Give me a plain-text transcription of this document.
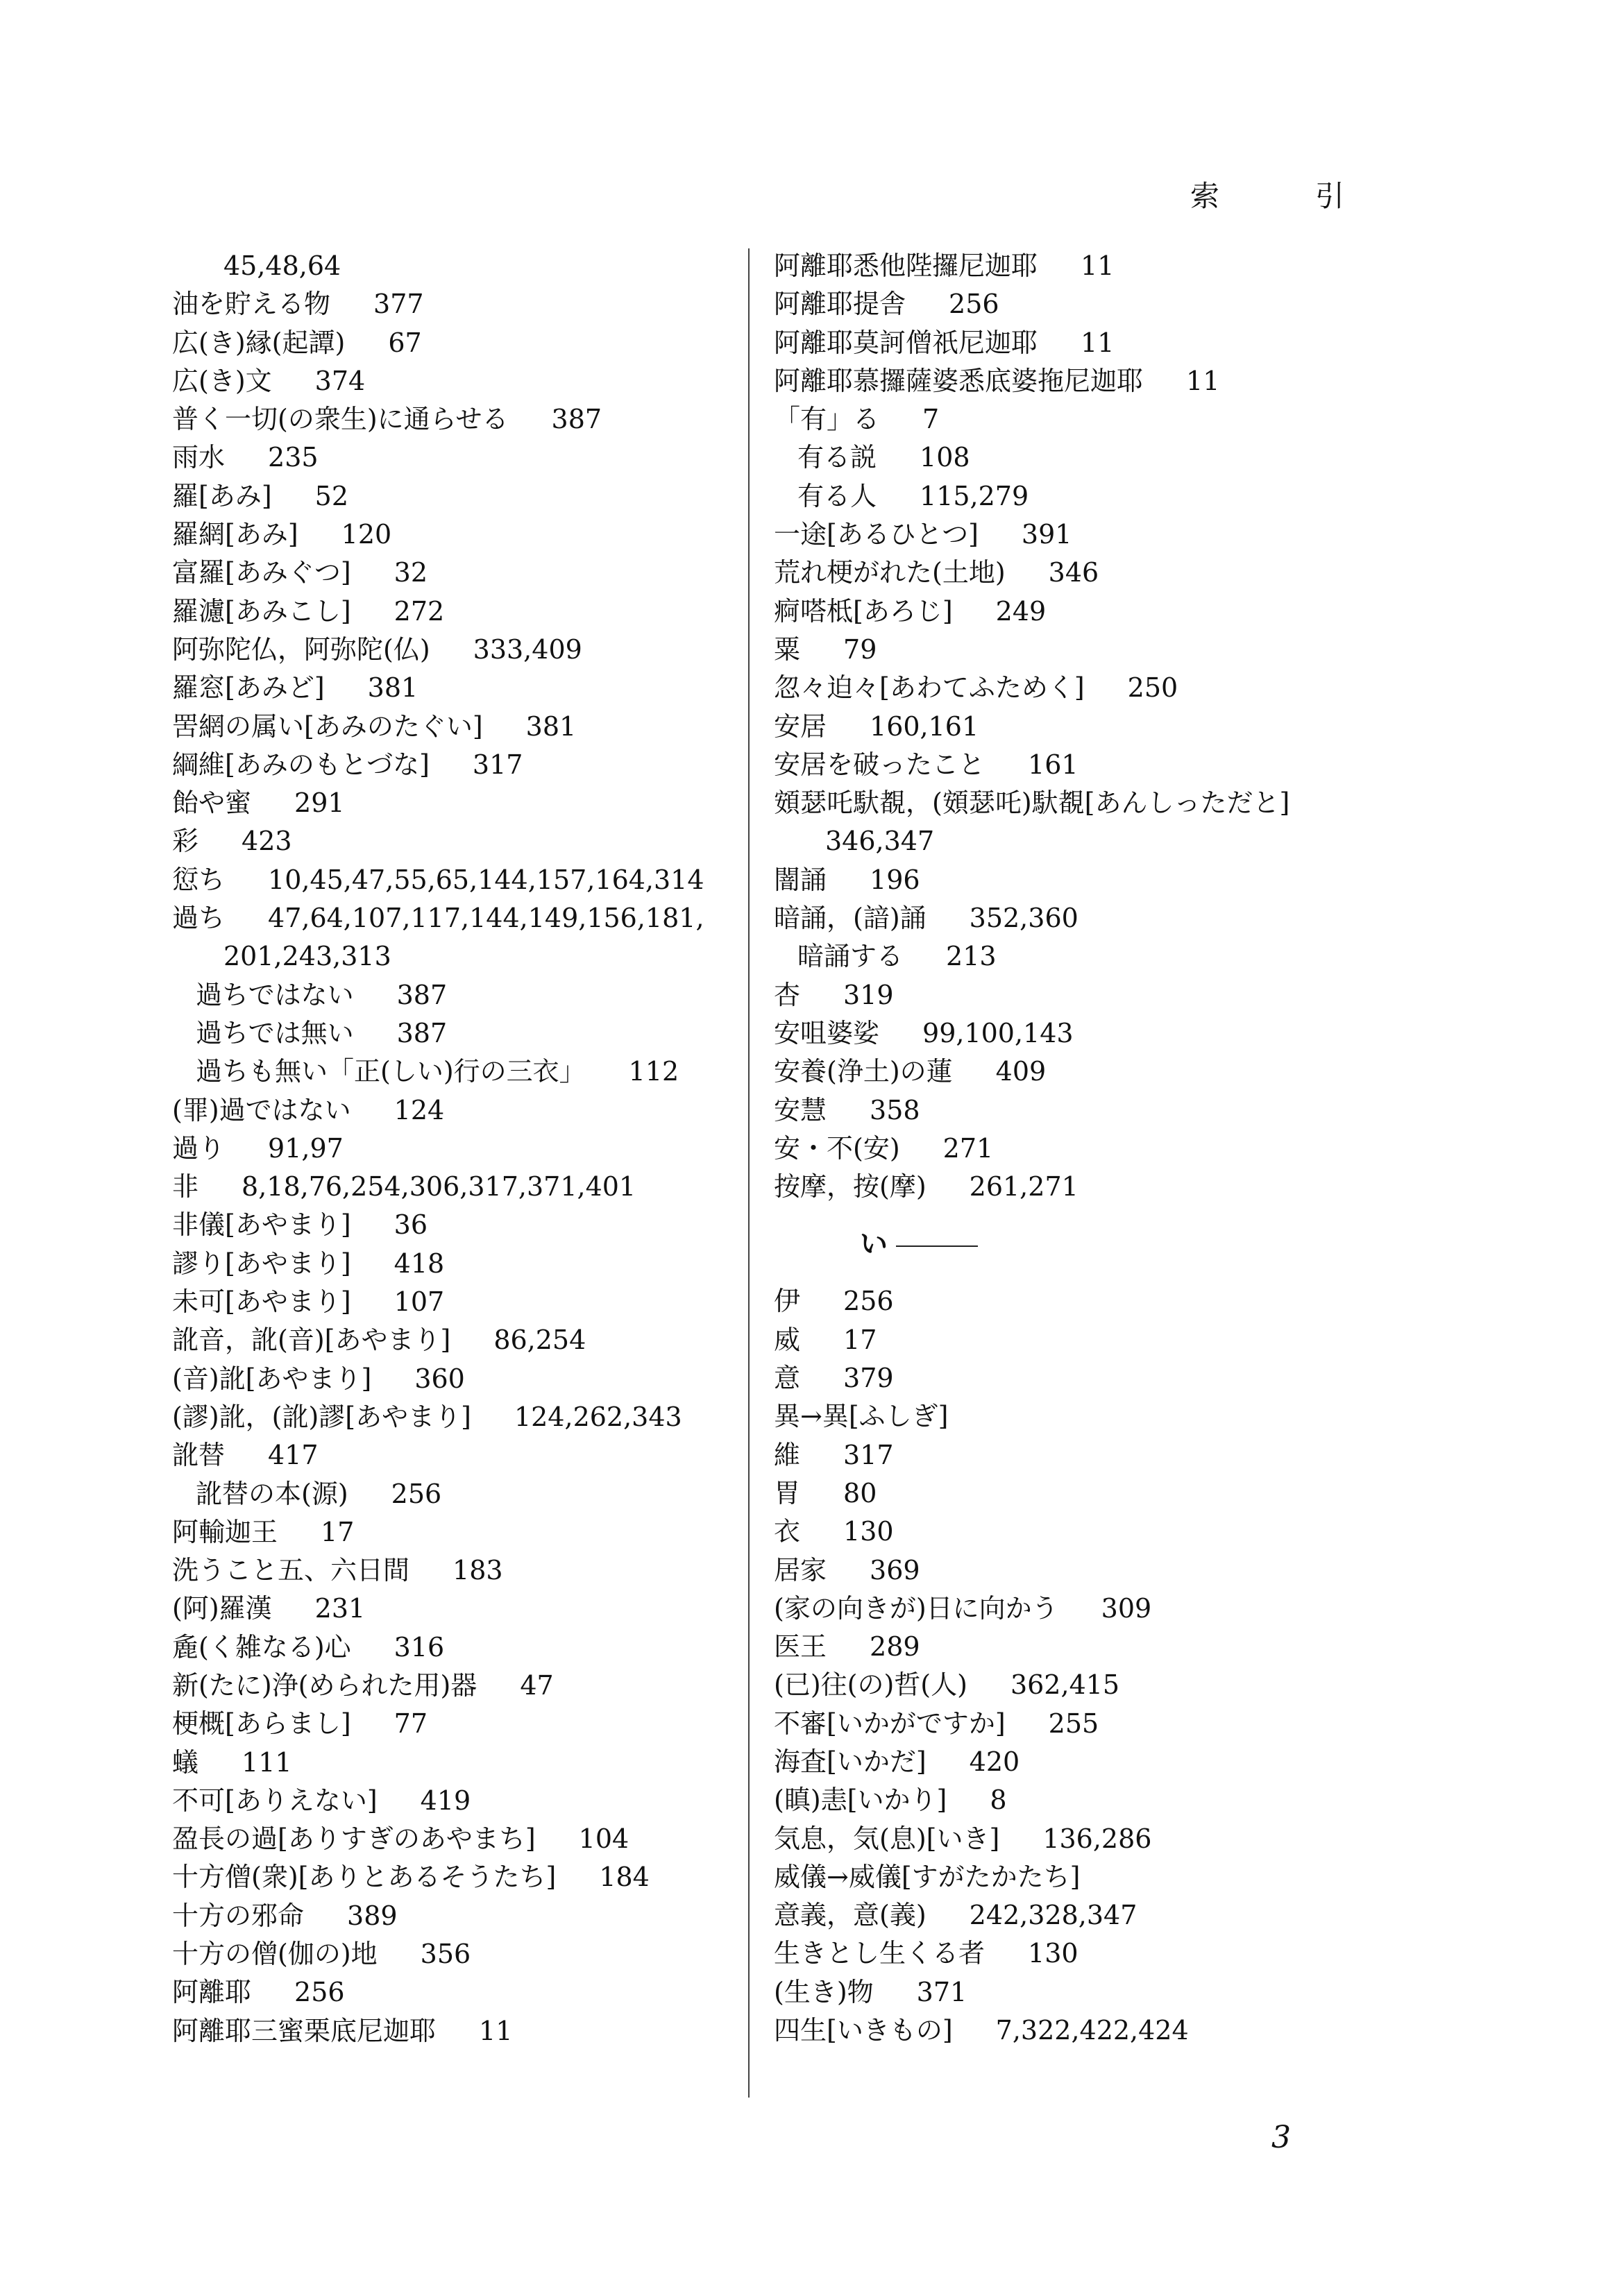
索　引
45,48,64
油を貯える物 377
広(き)縁(起譚) 67
広(き)文 374
普く一切(の衆生)に通らせる 387
雨水 235
羅[あみ] 52
羅網[あみ] 120
富羅[あみぐつ] 32
羅濾[あみこし] 272
阿弥陀仏，阿弥陀(仏) 333,409
羅窓[あみど] 381
罟網の属い[あみのたぐい] 381
綱維[あみのもとづな] 317
飴や蜜 291
彩 423
愆ち 10,45,47,55,65,144,157,164,314
過ち 47,64,107,117,144,149,156,181,
201,243,313
過ちではない 387
過ちでは無い 387
過ちも無い「正(しい)行の三衣」 112
(罪)過ではない 124
過り 91,97
非 8,18,76,254,306,317,371,401
非儀[あやまり] 36
謬り[あやまり] 418
未可[あやまり] 107
訛音，訛(音)[あやまり] 86,254
(音)訛[あやまり] 360
(謬)訛，(訛)謬[あやまり] 124,262,343
訛替 417
訛替の本(源) 256
阿輸迦王 17
洗うこと五、六日間 183
(阿)羅漢 231
麁(く雑なる)心 316
新(たに)浄(められた用)器 47
梗概[あらまし] 77
蟻 111
不可[ありえない] 419
盈長の過[ありすぎのあやまち] 104
十方僧(衆)[ありとあるそうたち] 184
十方の邪命 389
十方の僧(伽の)地 356
阿離耶 256
阿離耶三蜜栗底尼迦耶 11
阿離耶悉他陛攞尼迦耶 11
阿離耶提舎 256
阿離耶莫訶僧祇尼迦耶 11
阿離耶慕攞薩婆悉底婆拖尼迦耶 11
「有」る 7
有る説 108
有る人 115,279
一途[あるひとつ] 391
荒れ梗がれた(土地) 346
痾嗒柢[あろじ] 249
粟 79
忽々迫々[あわてふためく] 250
安居 160,161
安居を破ったこと 161
頞瑟吒馱覩，(頞瑟吒)馱覩[あんしっただと]
346,347
闇誦 196
暗誦，(諳)誦 352,360
暗誦する 213
杏 319
安咀婆娑 99,100,143
安養(浄土)の蓮 409
安慧 358
安・不(安) 271
按摩，按(摩) 261,271
い
伊 256
威 17
意 379
異→異[ふしぎ]
維 317
胃 80
衣 130
居家 369
(家の向きが)日に向かう 309
医王 289
(已)往(の)哲(人) 362,415
不審[いかがですか] 255
海査[いかだ] 420
(瞋)恚[いかり] 8
気息，気(息)[いき] 136,286
威儀→威儀[すがたかたち]
意義，意(義) 242,328,347
生きとし生くる者 130
(生き)物 371
四生[いきもの] 7,322,422,424
3
